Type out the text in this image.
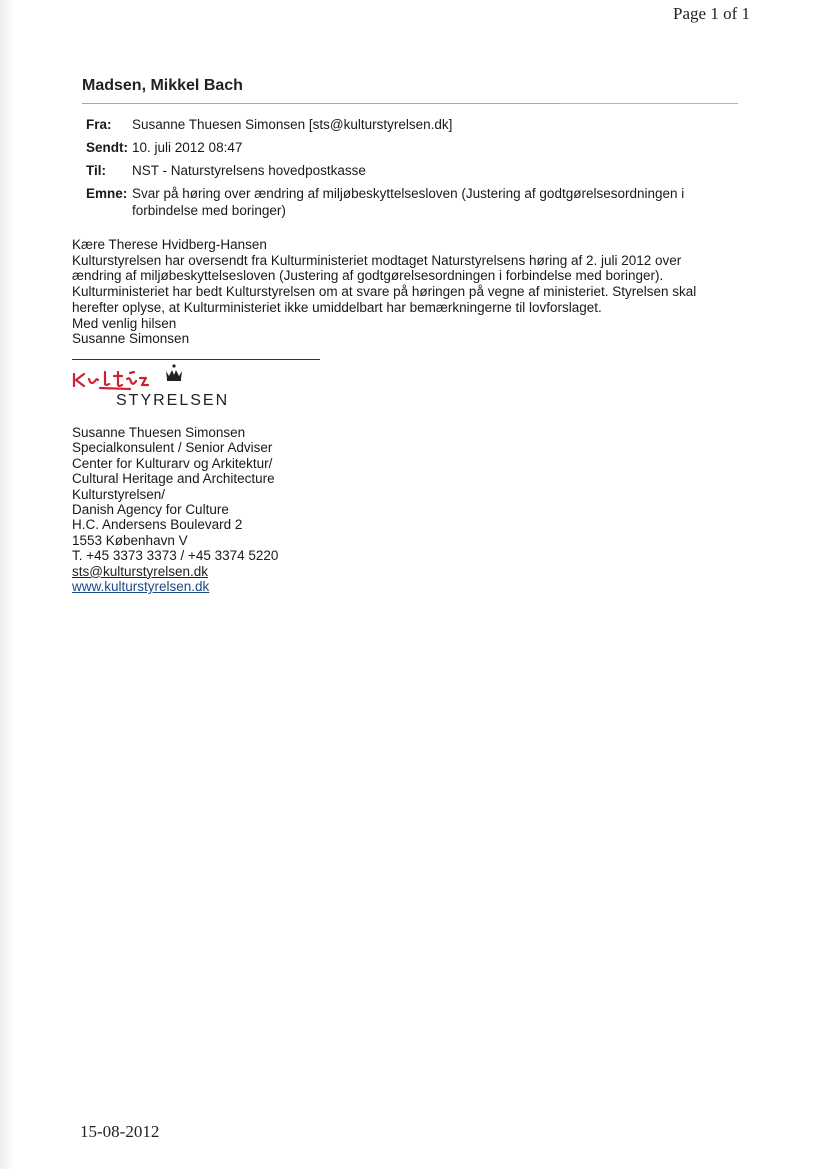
Page 1 of 1
Madsen, Mikkel Bach
Fra:	Susanne Thuesen Simonsen [sts@kulturstyrelsen.dk]
Sendt: 10. juli 2012 08:47
Til:	NST - Naturstyrelsens hovedpostkasse
Emne: Svar på høring over ændring af miljøbeskyttelsesloven (Justering af godtgørelsesordningen i forbindelse med boringer)

Kære Therese Hvidberg-Hansen

Kulturstyrelsen har oversendt fra Kulturministeriet modtaget Naturstyrelsens høring af 2. juli 2012 over

ændring af miljøbeskyttelsesloven (Justering af godtgørelsesordningen i forbindelse med boringer).

Kulturministeriet har bedt Kulturstyrelsen om at svare på høringen på vegne af ministeriet. Styrelsen skal

herefter oplyse, at Kulturministeriet ikke umiddelbart har bemærkningerne til lovforslaget.

Med venlig hilsen

Susanne Simonsen

STYRELSEN
Susanne Thuesen Simonsen
Specialkonsulent / Senior Adviser
Center for Kulturarv og Arkitektur/
Cultural Heritage and Architecture
Kulturstyrelsen/
Danish Agency for Culture
H.C. Andersens Boulevard 2
1553 København V
T. +45 3373 3373 / +45 3374 5220
sts@kulturstyrelsen.dk
www.kulturstyrelsen.dk
15-08-2012
